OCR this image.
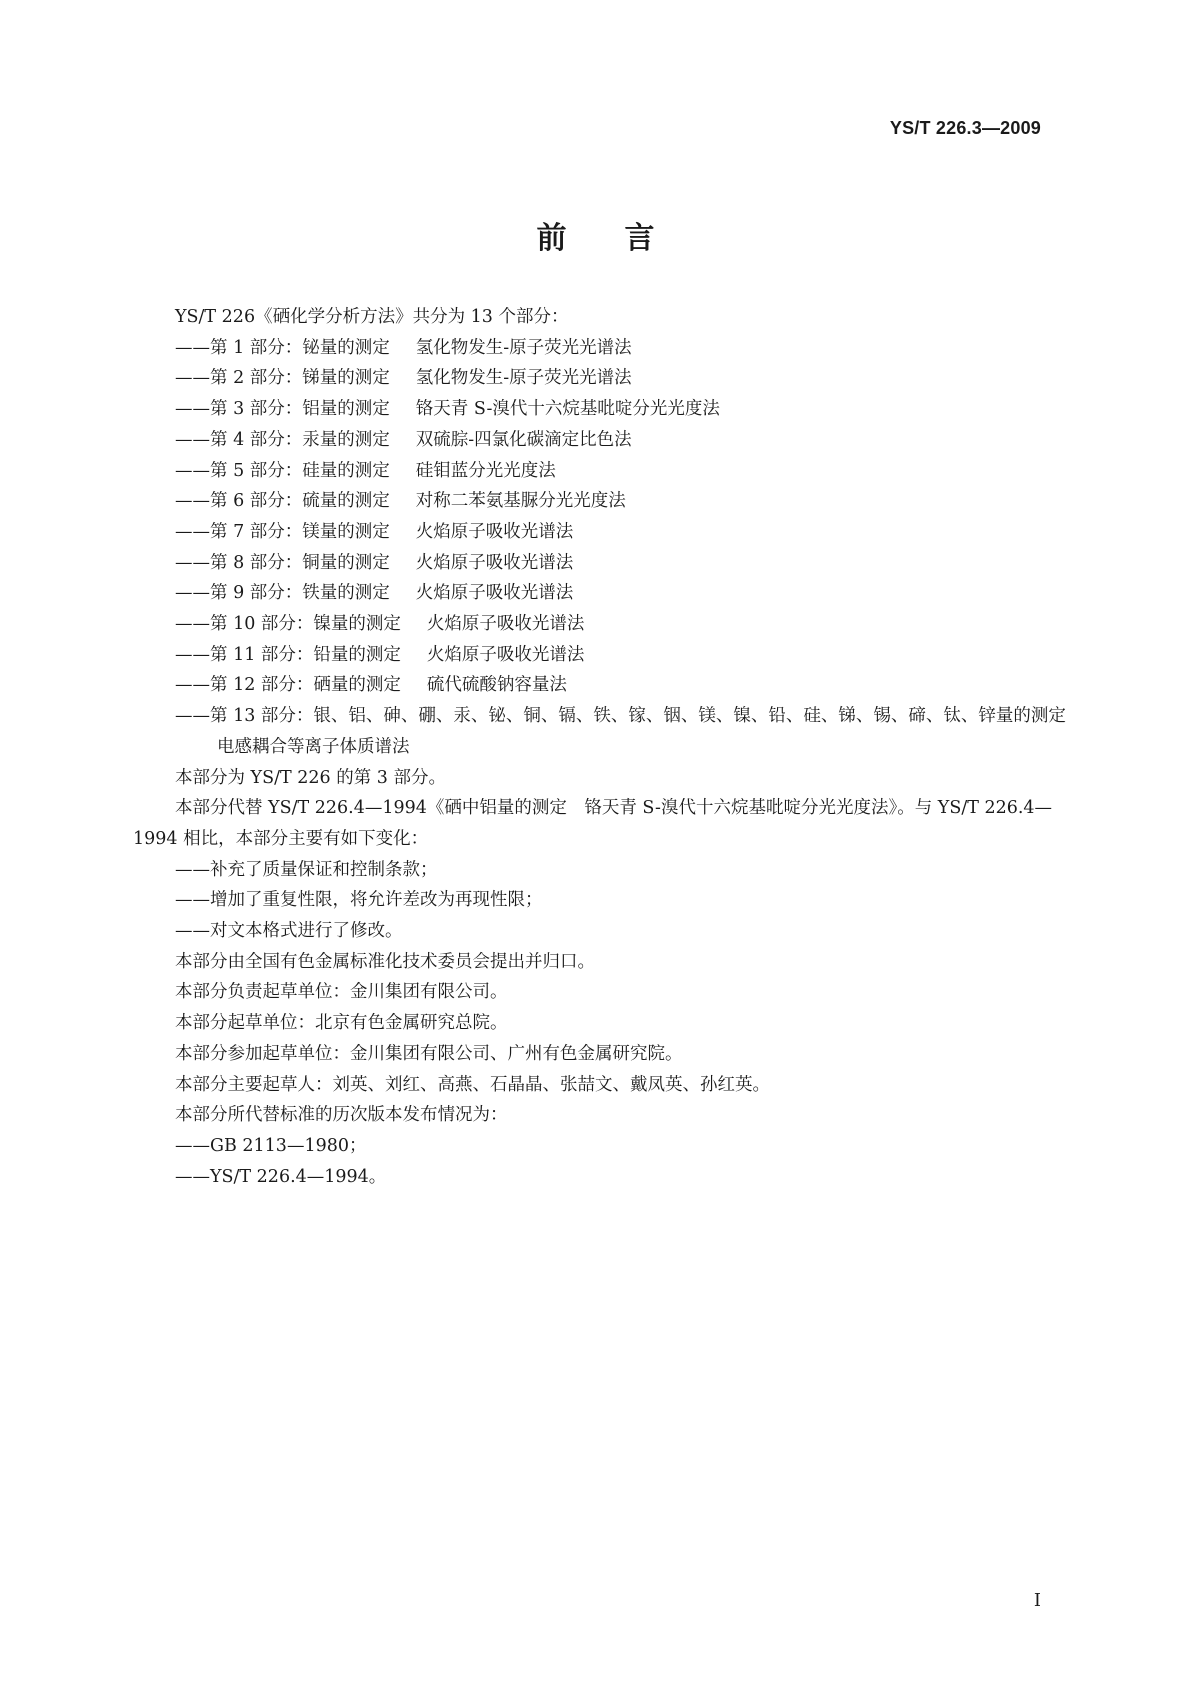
YS/T 226.3—2009
前言

YS/T 226《硒化学分析方法》共分为 13 个部分：

——第 1 部分：铋量的测定 氢化物发生-原子荧光光谱法

——第 2 部分：锑量的测定 氢化物发生-原子荧光光谱法

——第 3 部分：铝量的测定 铬天青 S-溴代十六烷基吡啶分光光度法

——第 4 部分：汞量的测定 双硫腙-四氯化碳滴定比色法

——第 5 部分：硅量的测定 硅钼蓝分光光度法

——第 6 部分：硫量的测定 对称二苯氨基脲分光光度法

——第 7 部分：镁量的测定 火焰原子吸收光谱法

——第 8 部分：铜量的测定 火焰原子吸收光谱法

——第 9 部分：铁量的测定 火焰原子吸收光谱法

——第 10 部分：镍量的测定 火焰原子吸收光谱法

——第 11 部分：铅量的测定 火焰原子吸收光谱法

——第 12 部分：硒量的测定 硫代硫酸钠容量法

——第 13 部分：银、铝、砷、硼、汞、铋、铜、镉、铁、镓、铟、镁、镍、铅、硅、锑、锡、碲、钛、锌量的测定

电感耦合等离子体质谱法

本部分为 YS/T 226 的第 3 部分。

本部分代替 YS/T 226.4—1994《硒中铝量的测定　铬天青 S-溴代十六烷基吡啶分光光度法》。与 YS/T 226.4—1994 相比，本部分主要有如下变化：

——补充了质量保证和控制条款；

——增加了重复性限，将允许差改为再现性限；

——对文本格式进行了修改。

本部分由全国有色金属标准化技术委员会提出并归口。

本部分负责起草单位：金川集团有限公司。

本部分起草单位：北京有色金属研究总院。

本部分参加起草单位：金川集团有限公司、广州有色金属研究院。

本部分主要起草人：刘英、刘红、高燕、石晶晶、张喆文、戴凤英、孙红英。

本部分所代替标准的历次版本发布情况为：

——GB 2113—1980；

——YS/T 226.4—1994。

I
